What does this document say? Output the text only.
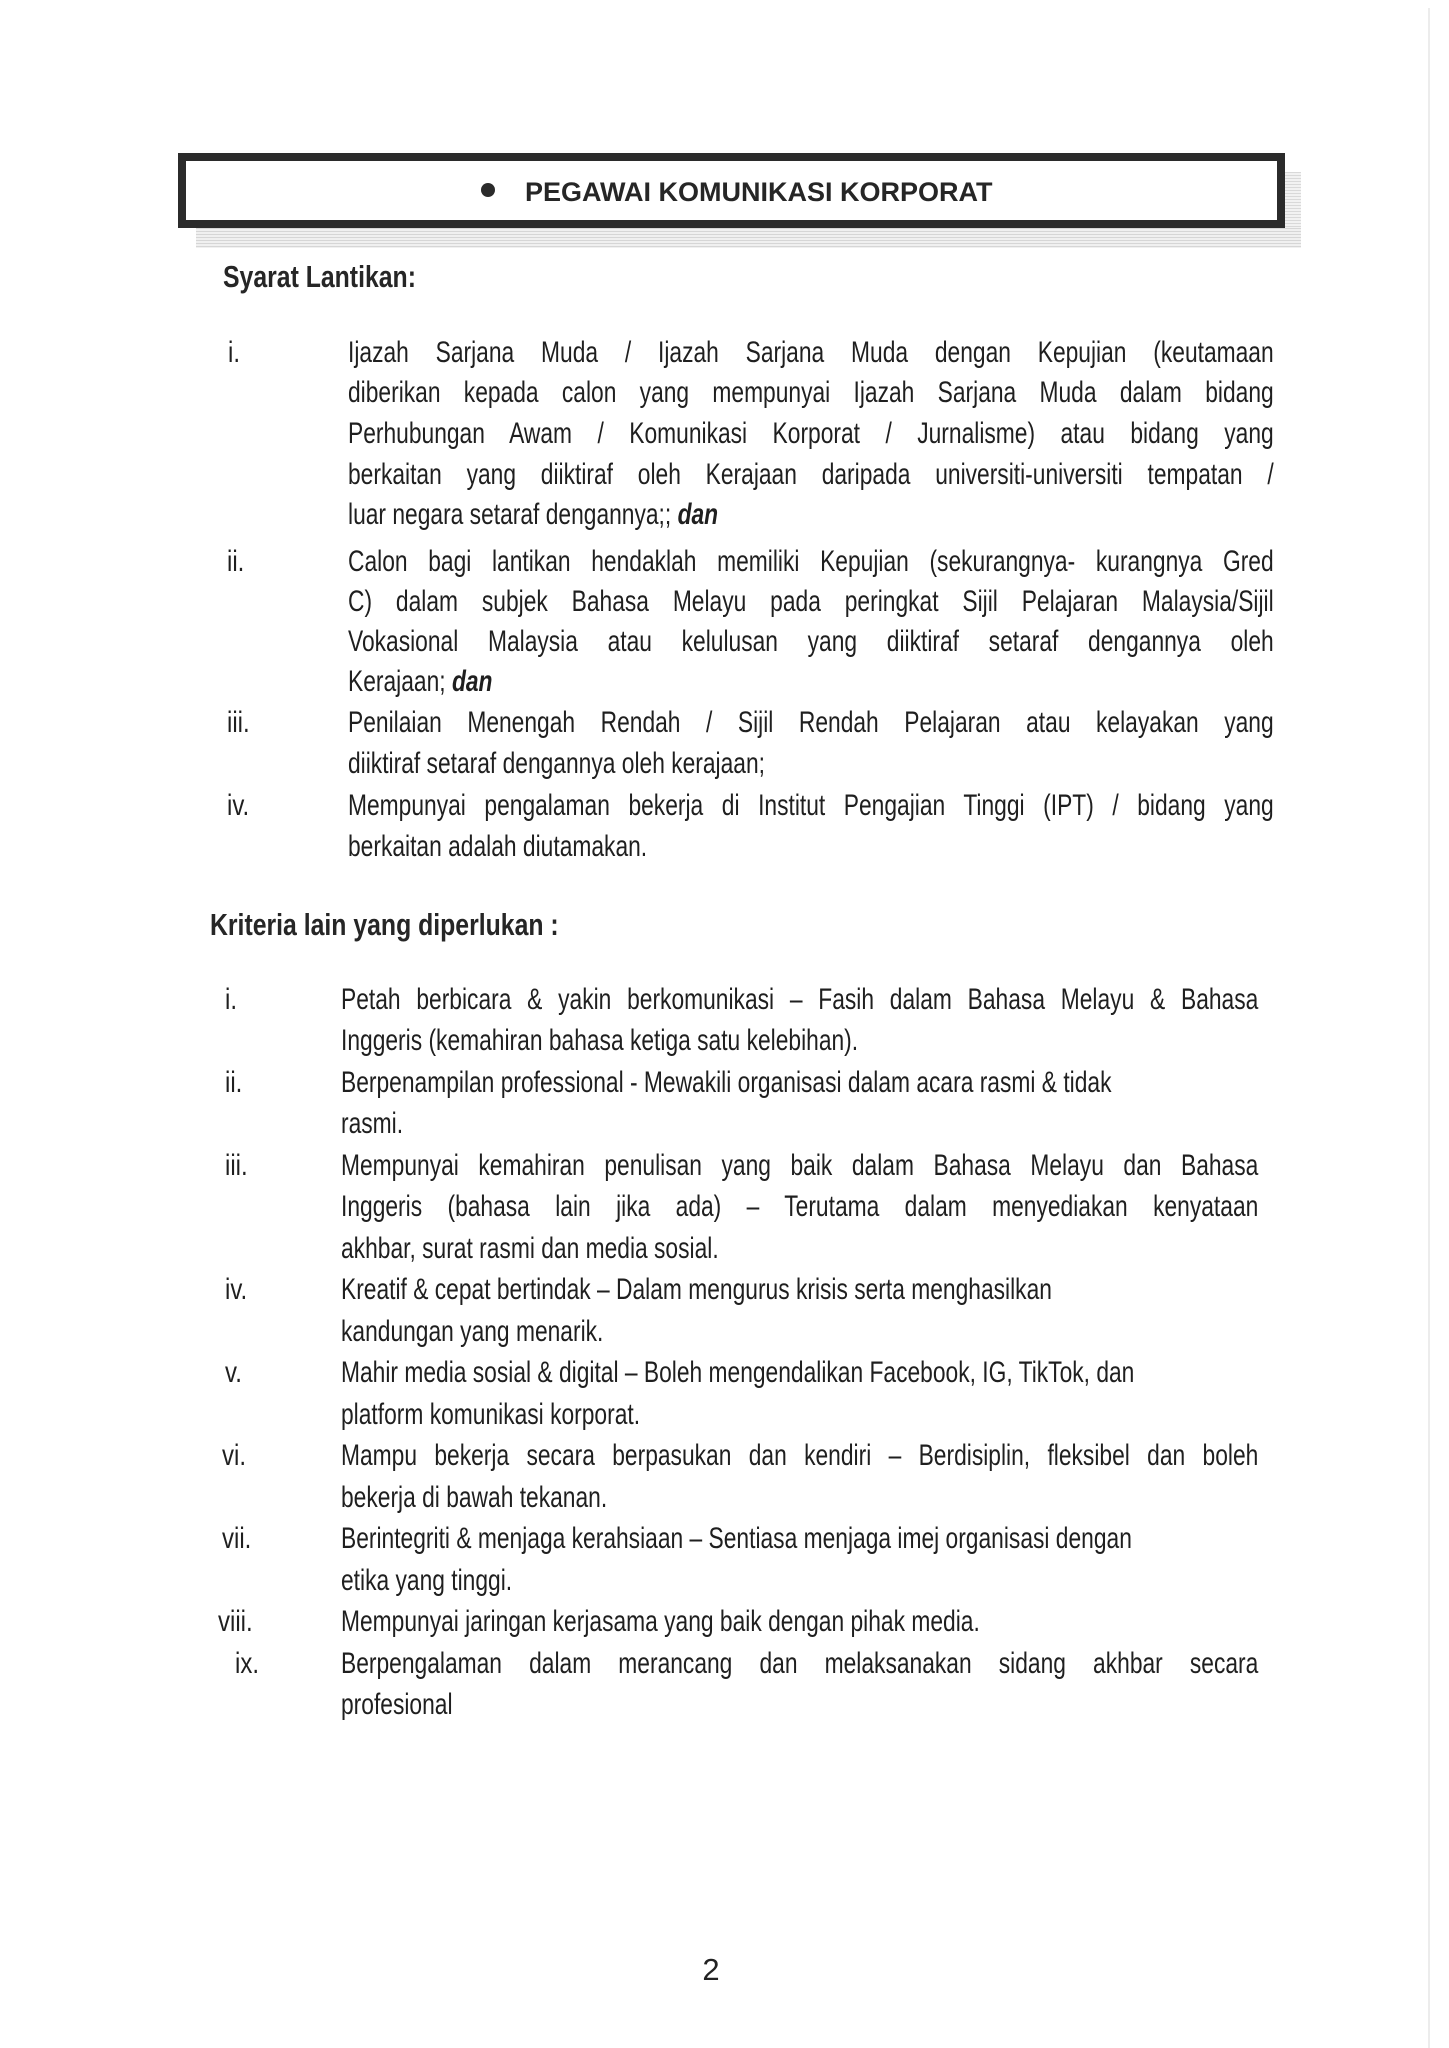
PEGAWAI KOMUNIKASI KORPORAT
Syarat Lantikan:
i.	Ijazah Sarjana Muda / Ijazah Sarjana Muda dengan Kepujian (keutamaan
diberikan kepada calon yang mempunyai Ijazah Sarjana Muda dalam bidang
Perhubungan Awam / Komunikasi Korporat / Jurnalisme) atau bidang yang
berkaitan yang diiktiraf oleh Kerajaan daripada universiti-universiti tempatan /
luar negara setaraf dengannya;; dan
ii.	Calon bagi lantikan hendaklah memiliki Kepujian (sekurangnya- kurangnya Gred
C) dalam subjek Bahasa Melayu pada peringkat Sijil Pelajaran Malaysia/Sijil
Vokasional Malaysia atau kelulusan yang diiktiraf setaraf dengannya oleh
Kerajaan; dan
iii.	Penilaian Menengah Rendah / Sijil Rendah Pelajaran atau kelayakan yang
diiktiraf setaraf dengannya oleh kerajaan;
iv.	Mempunyai pengalaman bekerja di Institut Pengajian Tinggi (IPT) / bidang yang
berkaitan adalah diutamakan.
Kriteria lain yang diperlukan :
i.	Petah berbicara & yakin berkomunikasi – Fasih dalam Bahasa Melayu & Bahasa
Inggeris (kemahiran bahasa ketiga satu kelebihan).
ii.	Berpenampilan professional - Mewakili organisasi dalam acara rasmi & tidak
rasmi.
iii.	Mempunyai kemahiran penulisan yang baik dalam Bahasa Melayu dan Bahasa
Inggeris (bahasa lain jika ada) – Terutama dalam menyediakan kenyataan
akhbar, surat rasmi dan media sosial.
iv.	Kreatif & cepat bertindak – Dalam mengurus krisis serta menghasilkan
kandungan yang menarik.
v.	Mahir media sosial & digital – Boleh mengendalikan Facebook, IG, TikTok, dan
platform komunikasi korporat.
vi.	Mampu bekerja secara berpasukan dan kendiri – Berdisiplin, fleksibel dan boleh
bekerja di bawah tekanan.
vii.	Berintegriti & menjaga kerahsiaan – Sentiasa menjaga imej organisasi dengan
etika yang tinggi.
viii.	Mempunyai jaringan kerjasama yang baik dengan pihak media.
ix.	Berpengalaman dalam merancang dan melaksanakan sidang akhbar secara
profesional
2
